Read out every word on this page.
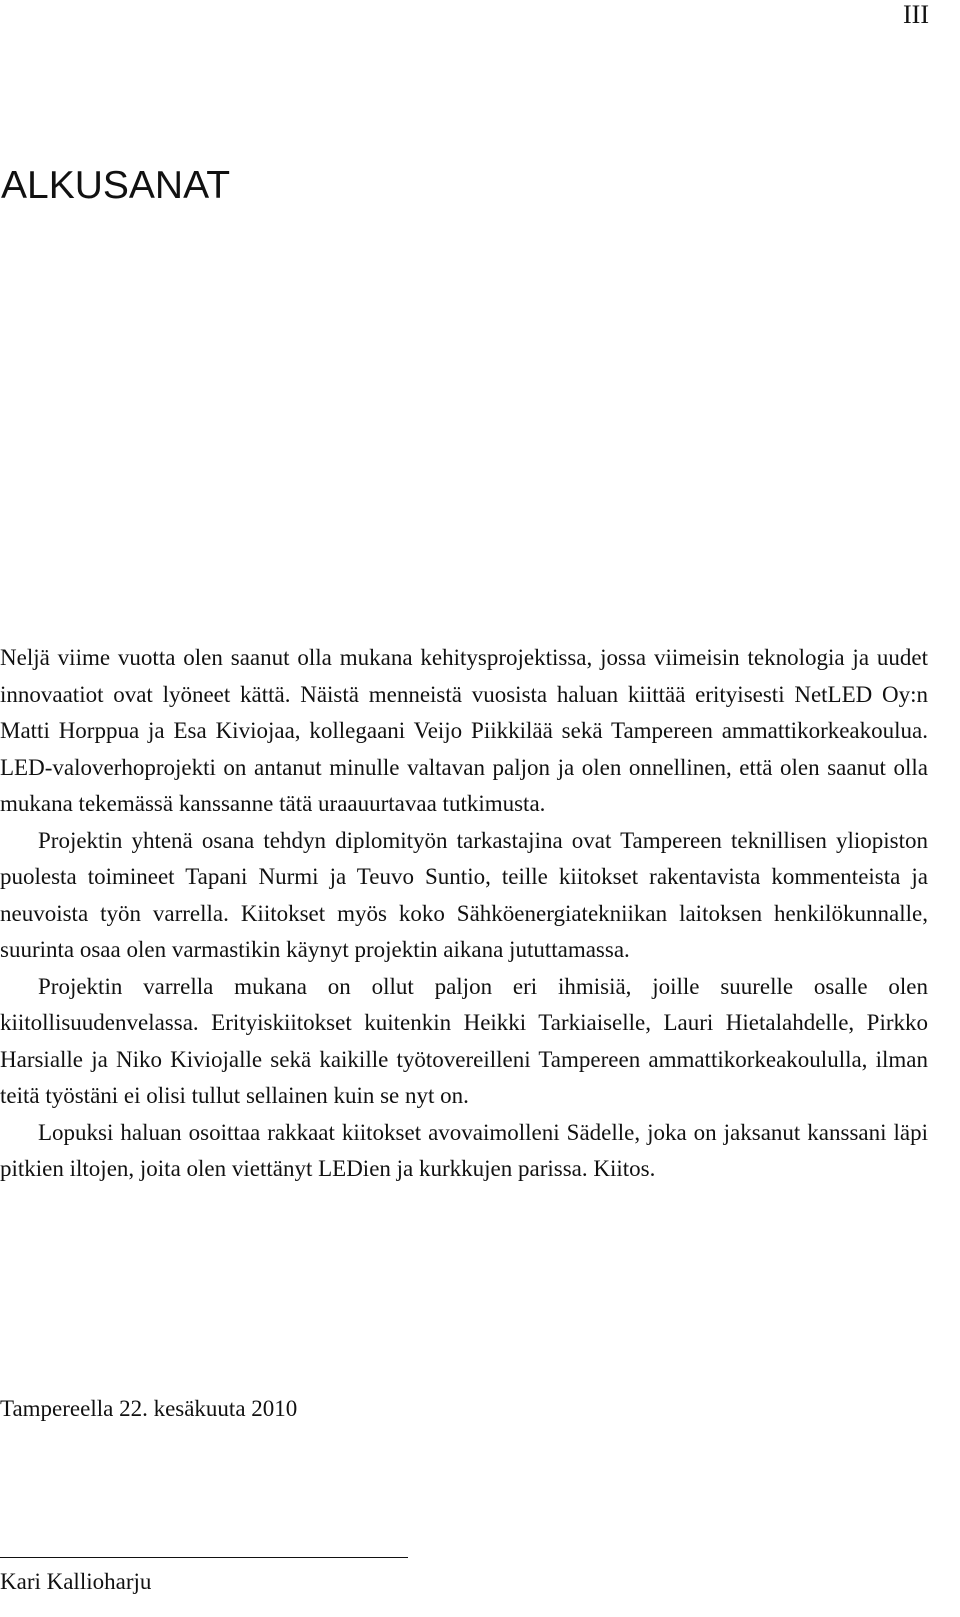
III
ALKUSANAT

Neljä viime vuotta olen saanut olla mukana kehitysprojektissa, jossa viimeisin teknologia ja uudet innovaatiot ovat lyöneet kättä. Näistä menneistä vuosista haluan kiittää erityisesti NetLED Oy:n Matti Horppua ja Esa Kiviojaa, kollegaani Veijo Piikkilää sekä Tampereen ammattikorkeakoulua. LED-valoverhoprojekti on antanut minulle valtavan paljon ja olen onnellinen, että olen saanut olla mukana tekemässä kanssanne tätä uraauurtavaa tutkimusta.

Projektin yhtenä osana tehdyn diplomityön tarkastajina ovat Tampereen teknillisen yliopiston puolesta toimineet Tapani Nurmi ja Teuvo Suntio, teille kiitokset rakentavista kommenteista ja neuvoista työn varrella. Kiitokset myös koko Sähköenergiatekniikan laitoksen henkilökunnalle, suurinta osaa olen varmastikin käynyt projektin aikana jututtamassa.

Projektin varrella mukana on ollut paljon eri ihmisiä, joille suurelle osalle olen kiitollisuudenvelassa. Erityiskiitokset kuitenkin Heikki Tarkiaiselle, Lauri Hietalahdelle, Pirkko Harsialle ja Niko Kiviojalle sekä kaikille työtovereilleni Tampereen ammattikorkeakoululla, ilman teitä työstäni ei olisi tullut sellainen kuin se nyt on.

Lopuksi haluan osoittaa rakkaat kiitokset avovaimolleni Sädelle, joka on jaksanut kanssani läpi pitkien iltojen, joita olen viettänyt LEDien ja kurkkujen parissa. Kiitos.

Tampereella 22. kesäkuuta 2010
Kari Kallioharju
